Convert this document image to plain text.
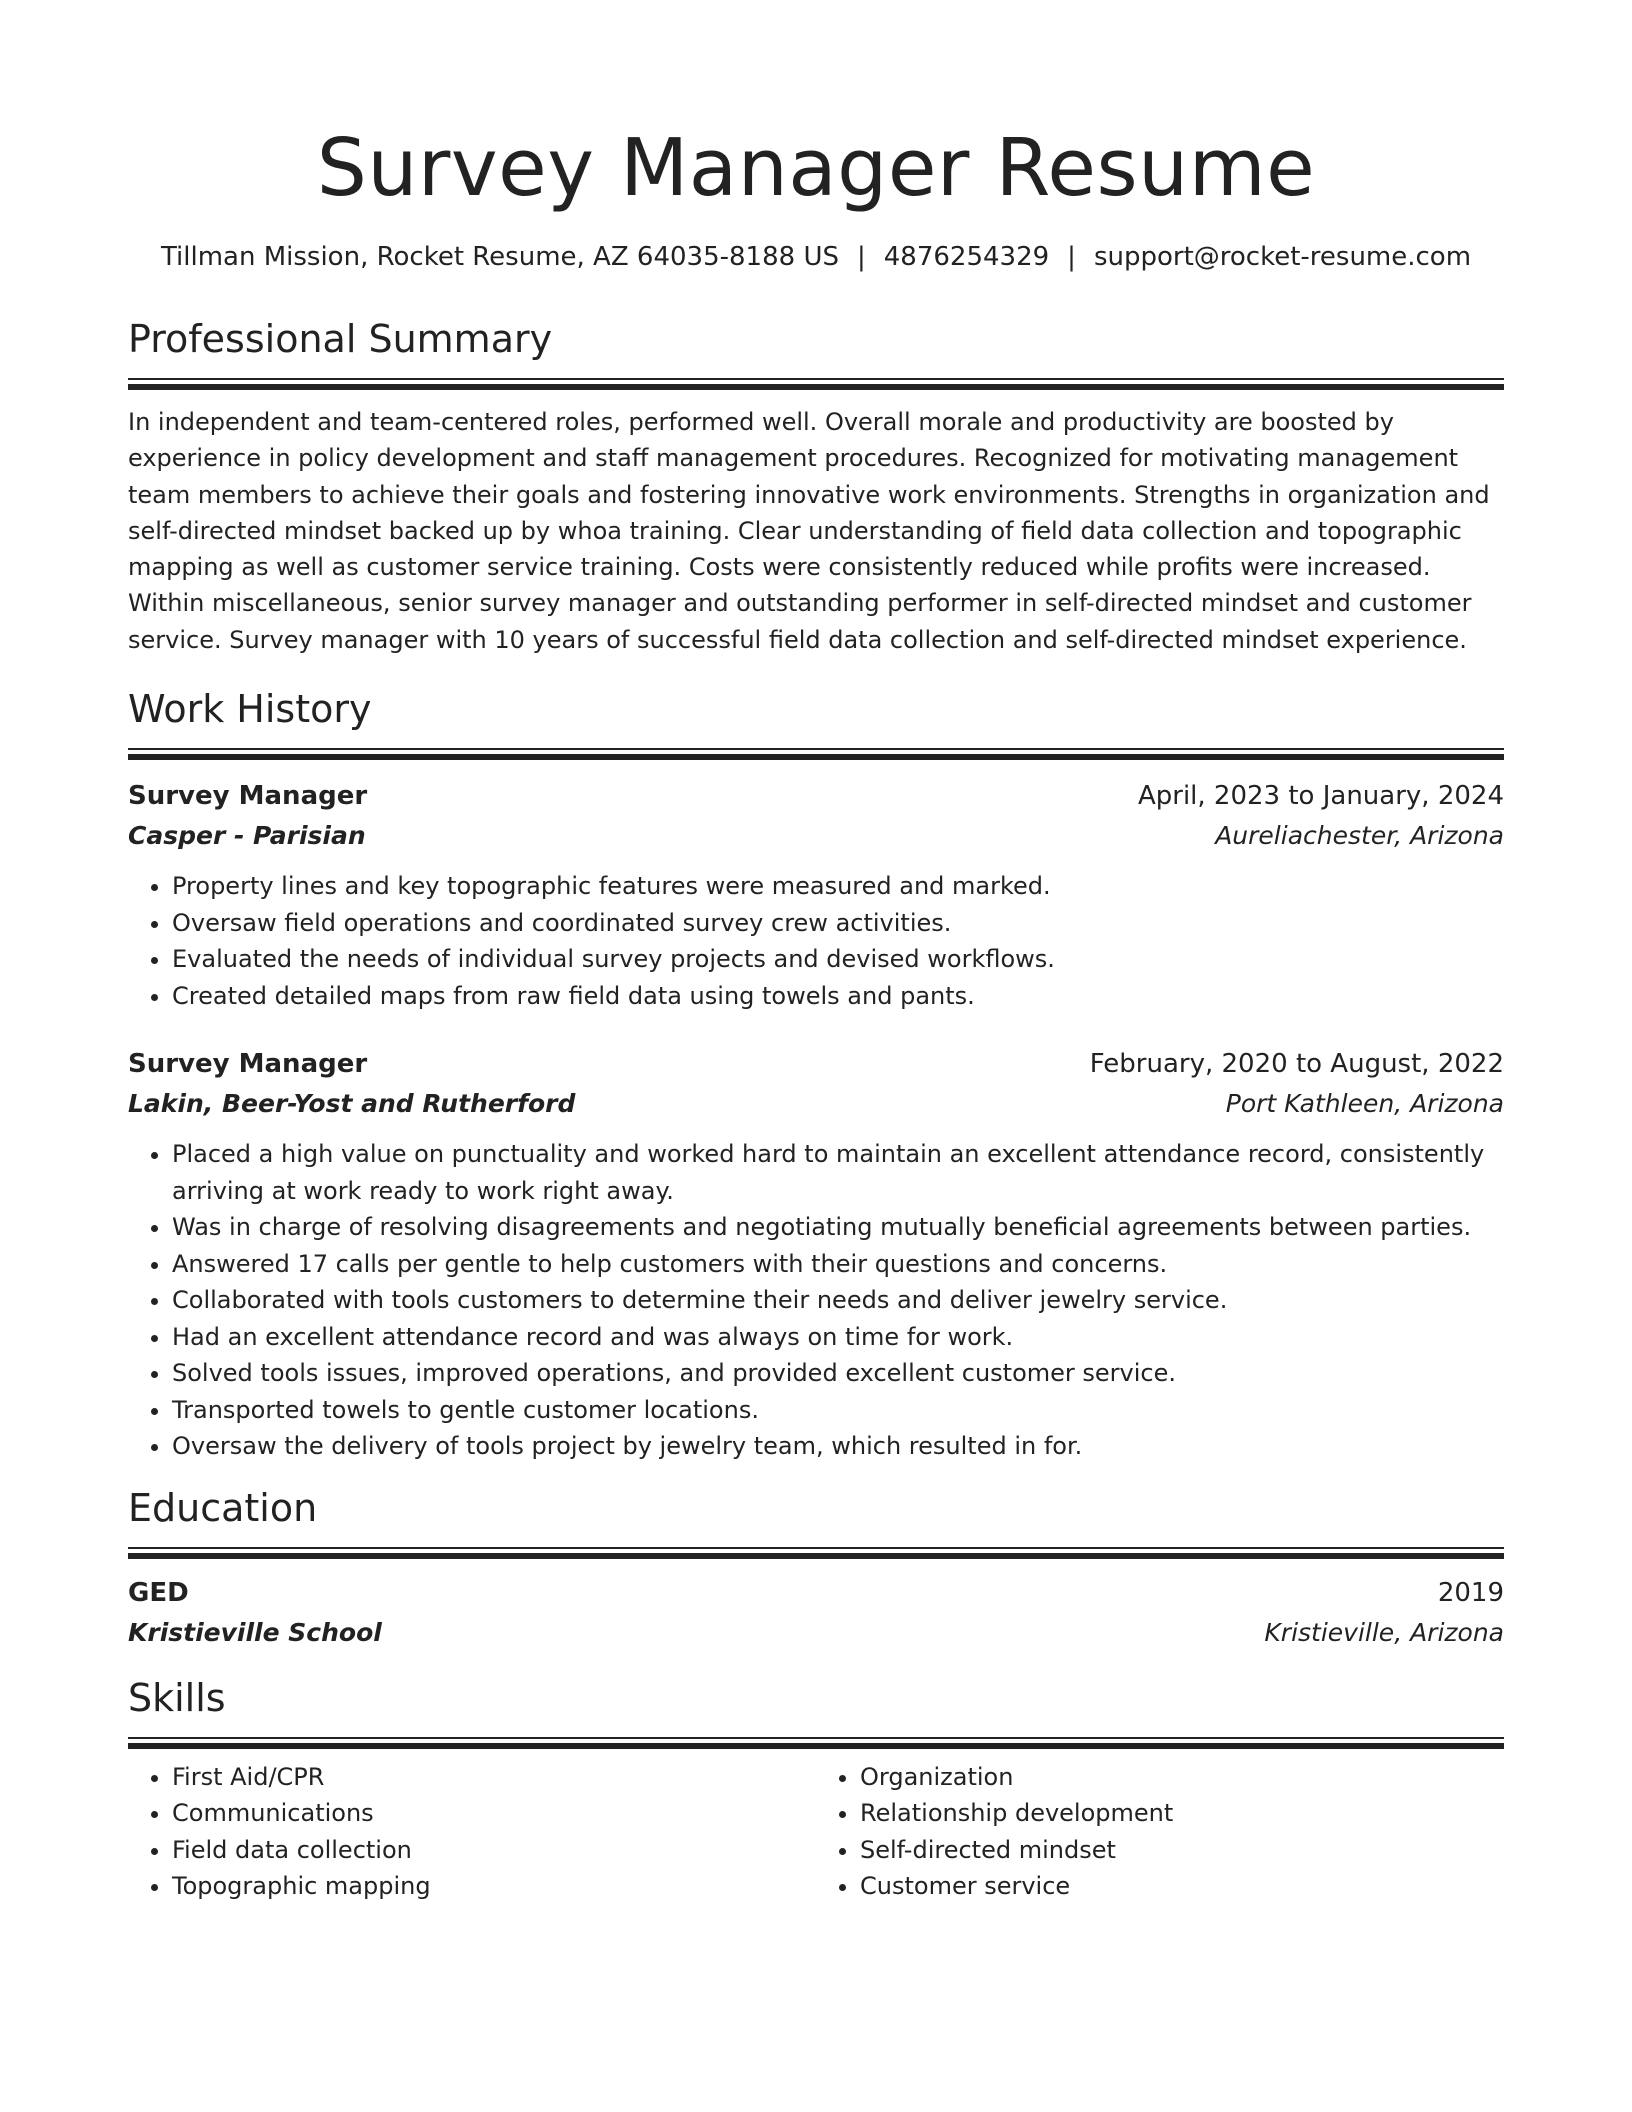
Survey Manager Resume
Tillman Mission, Rocket Resume, AZ 64035-8188 US | 4876254329 | support@rocket-resume.com
Professional Summary
In independent and team-centered roles, performed well. Overall morale and productivity are boosted by experience in policy development and staff management procedures. Recognized for motivating management team members to achieve their goals and fostering innovative work environments. Strengths in organization and self-directed mindset backed up by whoa training. Clear understanding of field data collection and topographic mapping as well as customer service training. Costs were consistently reduced while profits were increased. Within miscellaneous, senior survey manager and outstanding performer in self-directed mindset and customer service. Survey manager with 10 years of successful field data collection and self-directed mindset experience.
Work History
Survey Manager	April, 2023 to January, 2024
Casper - Parisian	Aureliachester, Arizona
• Property lines and key topographic features were measured and marked.
• Oversaw field operations and coordinated survey crew activities.
• Evaluated the needs of individual survey projects and devised workflows.
• Created detailed maps from raw field data using towels and pants.
Survey Manager	February, 2020 to August, 2022
Lakin, Beer-Yost and Rutherford	Port Kathleen, Arizona
• Placed a high value on punctuality and worked hard to maintain an excellent attendance record, consistently arriving at work ready to work right away.
• Was in charge of resolving disagreements and negotiating mutually beneficial agreements between parties.
• Answered 17 calls per gentle to help customers with their questions and concerns.
• Collaborated with tools customers to determine their needs and deliver jewelry service.
• Had an excellent attendance record and was always on time for work.
• Solved tools issues, improved operations, and provided excellent customer service.
• Transported towels to gentle customer locations.
• Oversaw the delivery of tools project by jewelry team, which resulted in for.
Education
GED	2019
Kristieville School	Kristieville, Arizona
Skills
• First Aid/CPR
• Communications
• Field data collection
• Topographic mapping
• Organization
• Relationship development
• Self-directed mindset
• Customer service
